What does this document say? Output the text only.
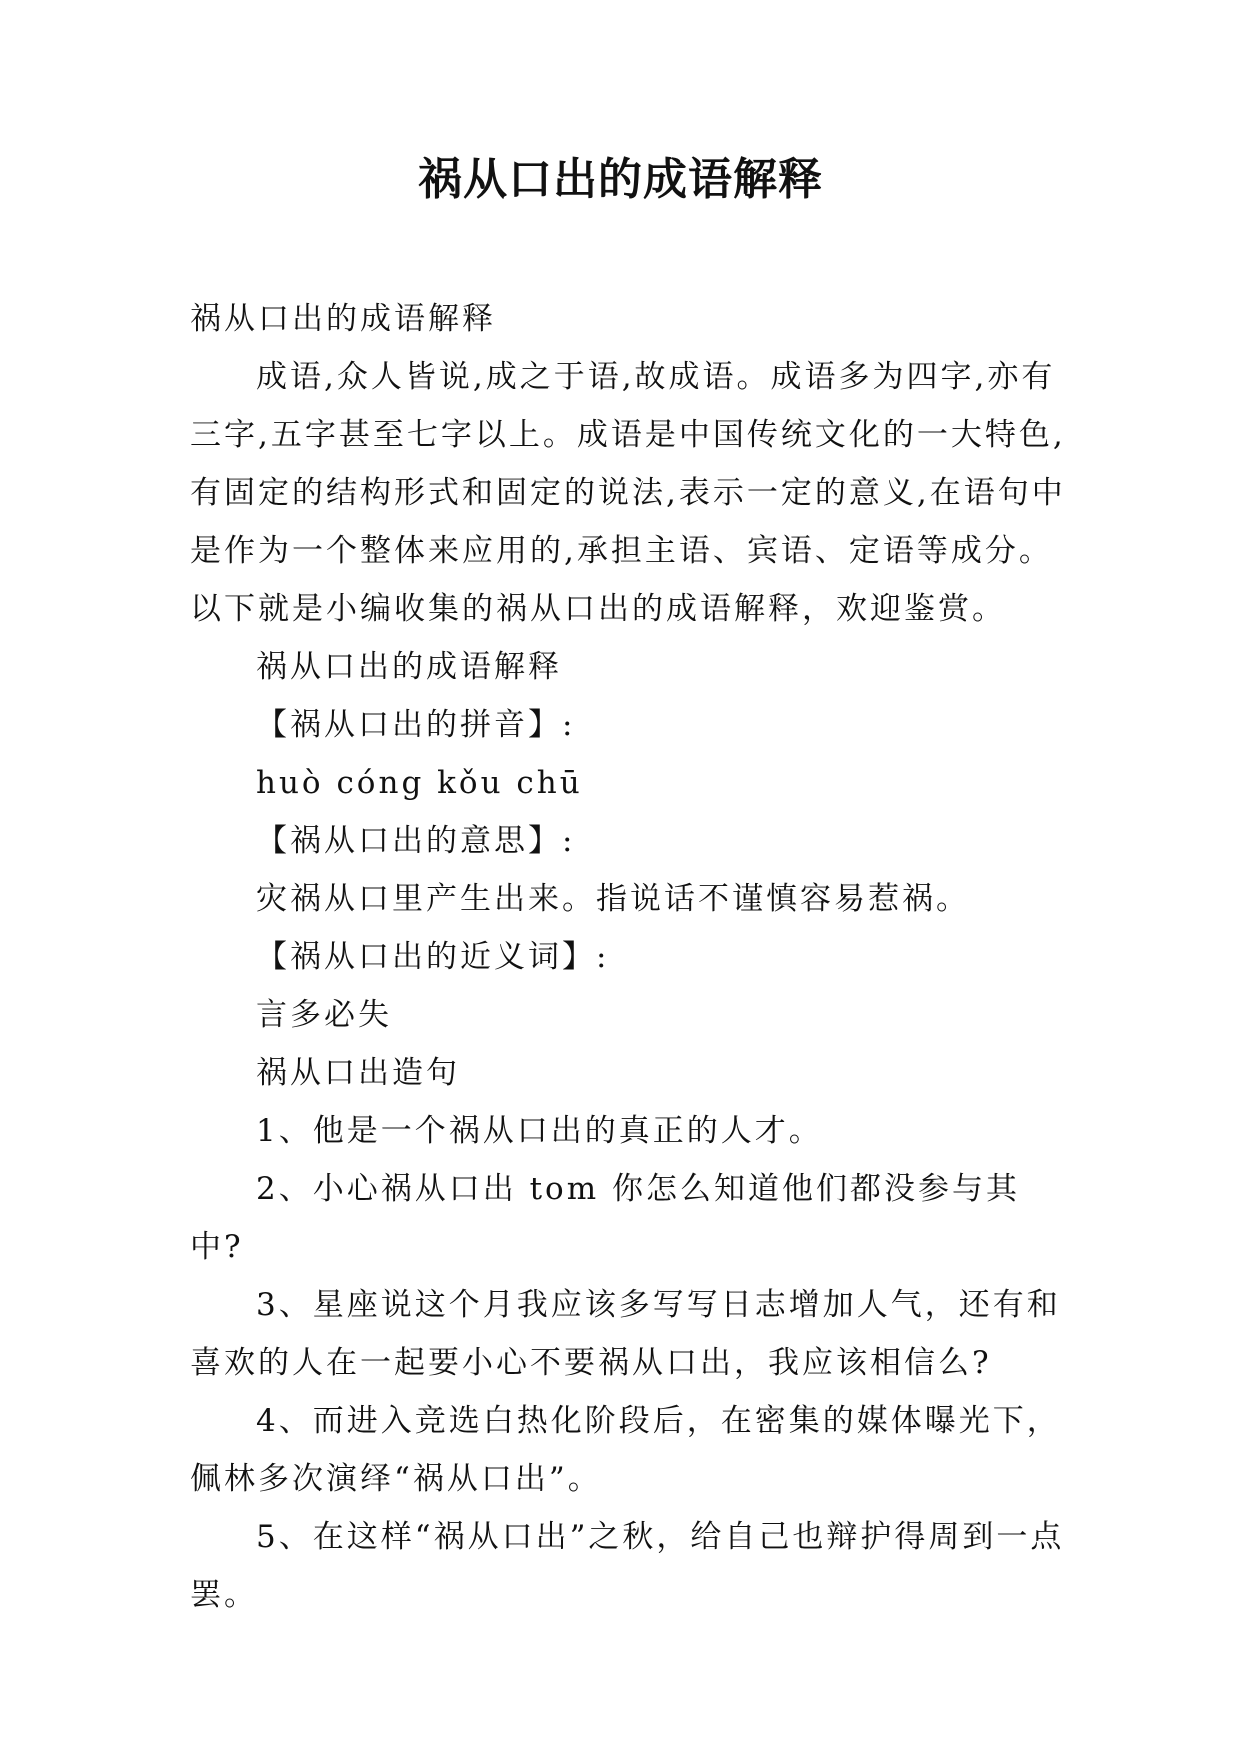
祸从口出的成语解释

祸从口出的成语解释

成语,众人皆说,成之于语,故成语。成语多为四字,亦有三字,五字甚至七字以上。成语是中国传统文化的一大特色,有固定的结构形式和固定的说法,表示一定的意义,在语句中是作为一个整体来应用的,承担主语、宾语、定语等成分。以下就是小编收集的祸从口出的成语解释，欢迎鉴赏。

祸从口出的成语解释

【祸从口出的拼音】:

huò cóng kǒu chū

【祸从口出的意思】:

灾祸从口里产生出来。指说话不谨慎容易惹祸。

【祸从口出的近义词】:

言多必失

祸从口出造句

1、他是一个祸从口出的真正的人才。

2、小心祸从口出 tom 你怎么知道他们都没参与其中?

3、星座说这个月我应该多写写日志增加人气，还有和喜欢的人在一起要小心不要祸从口出，我应该相信么?

4、而进入竞选白热化阶段后，在密集的媒体曝光下，佩林多次演绎“祸从口出”。

5、在这样“祸从口出”之秋，给自己也辩护得周到一点罢。
